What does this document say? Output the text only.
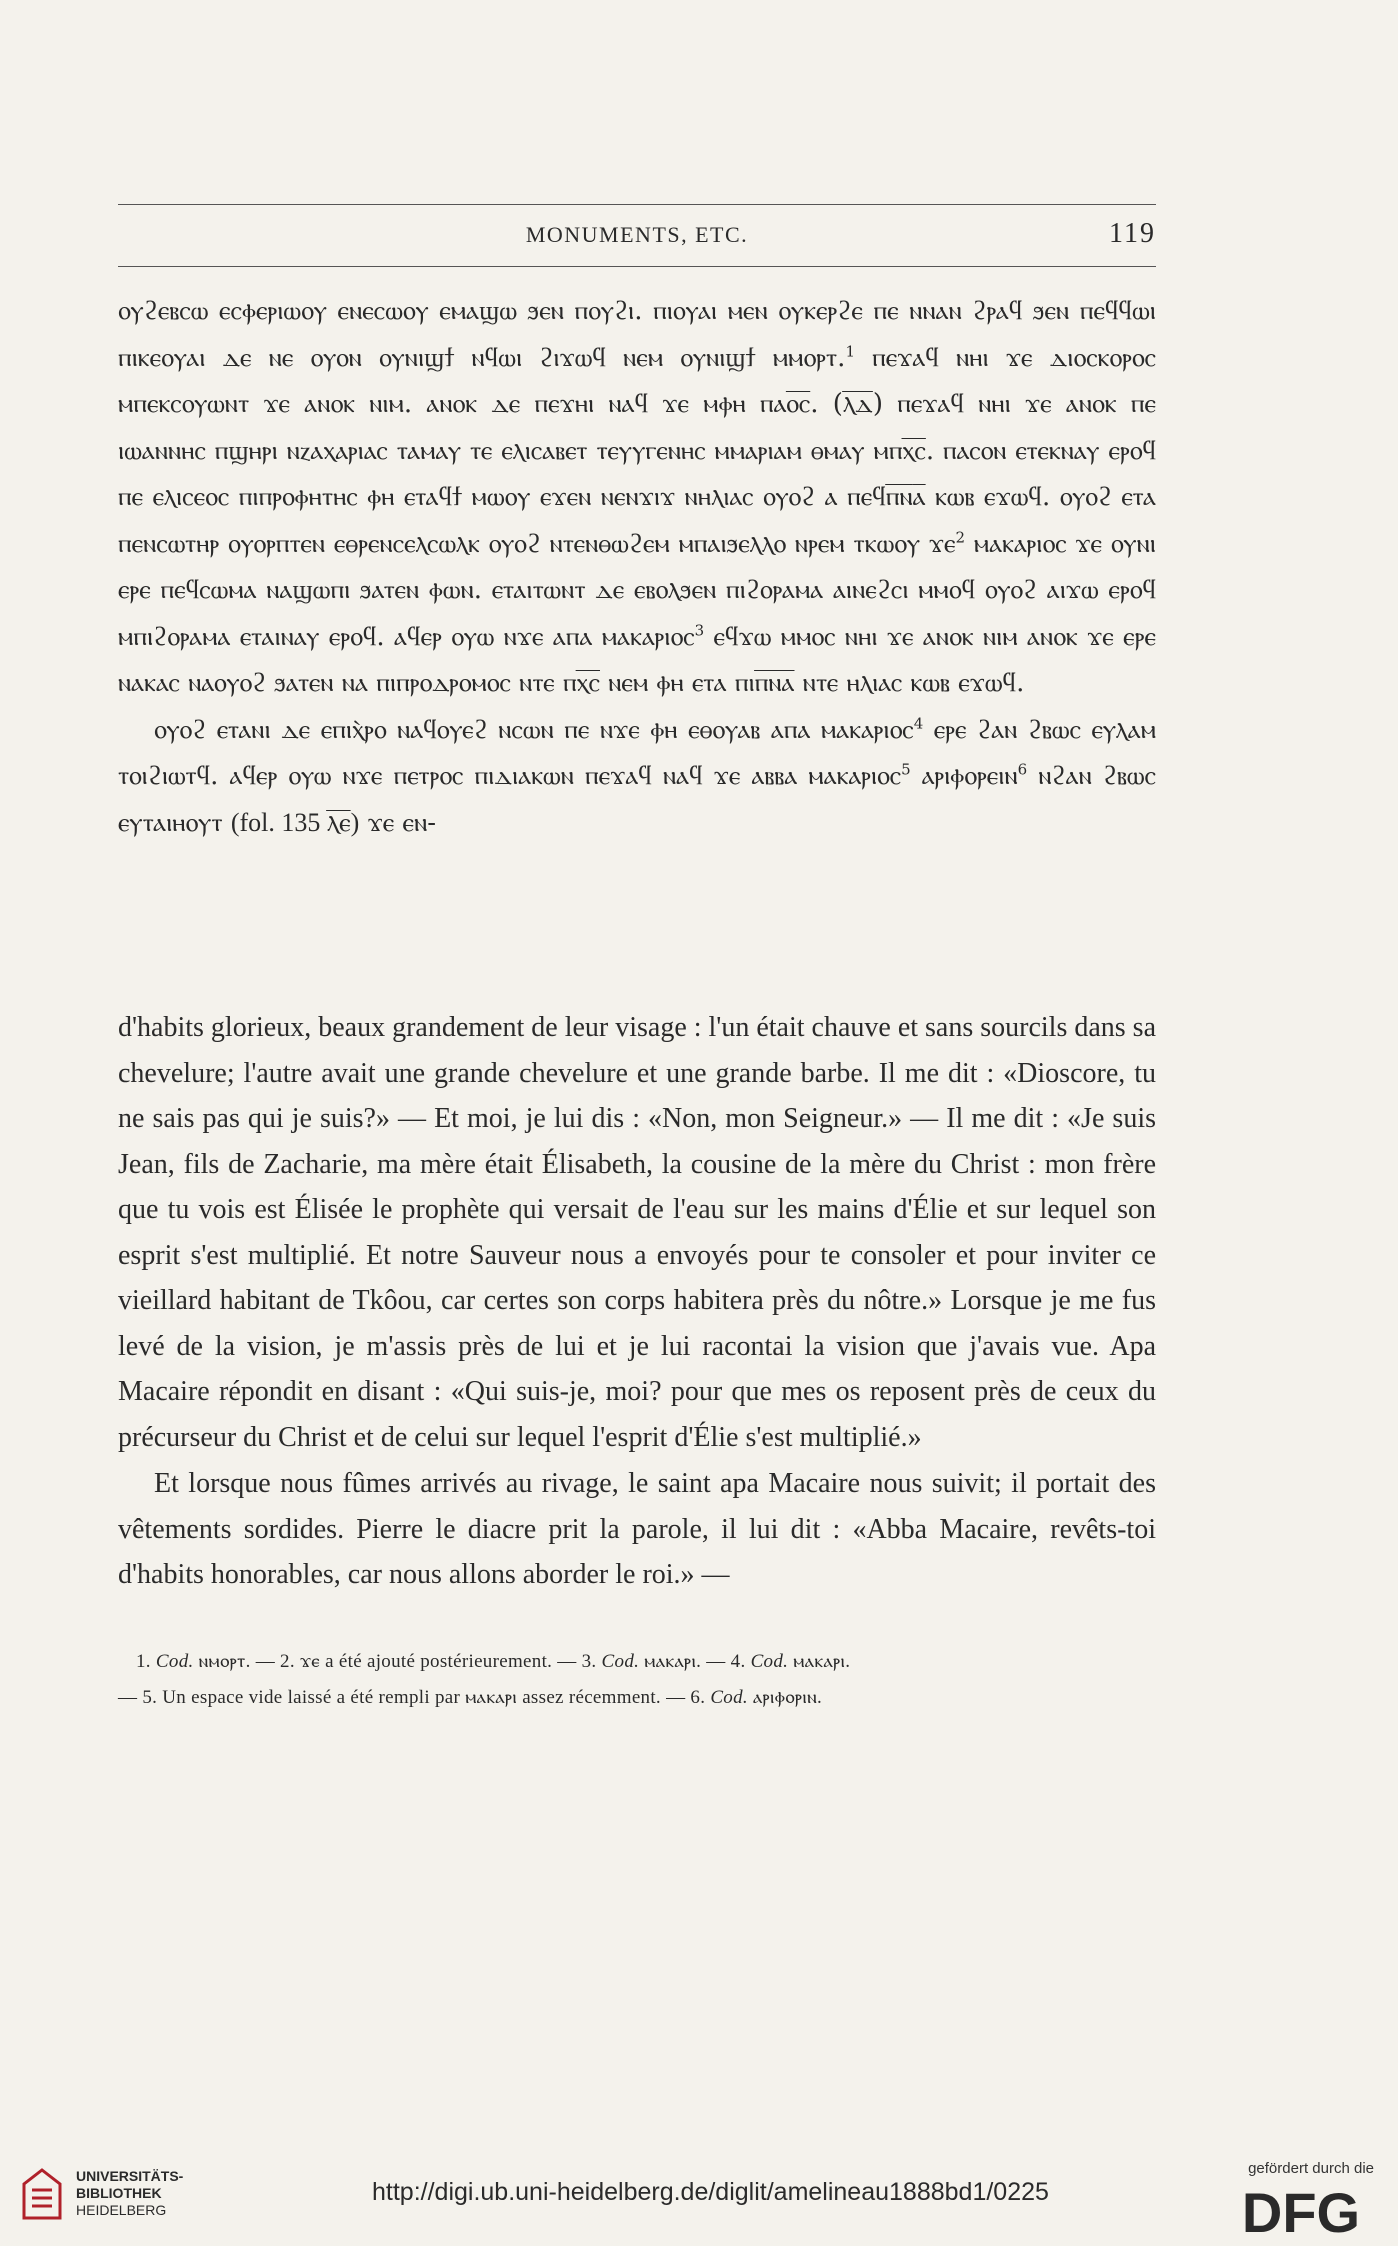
MONUMENTS, ETC.	119

ⲟⲩϩⲉⲃⲥⲱ ⲉⲥⲫⲉⲣⲓⲱⲟⲩ ⲉⲛⲉⲥⲱⲟⲩ ⲉⲙⲁϣⲱ ϧⲉⲛ ⲡⲟⲩϩⲓ. ⲡⲓⲟⲩⲁⲓ ⲙⲉⲛ ⲟⲩⲕⲉⲣϩⲉ ⲡⲉ ⲛⲛⲁⲛ ϩⲣⲁϥ ϧⲉⲛ ⲡⲉϥϥⲱⲓ ⲡⲓⲕⲉⲟⲩⲁⲓ ⲇⲉ ⲛⲉ ⲟⲩⲟⲛ ⲟⲩⲛⲓϣϯ ⲛϥⲱⲓ ϩⲓϫⲱϥ ⲛⲉⲙ ⲟⲩⲛⲓϣϯ ⲙⲙⲟⲣⲧ.$^1$ ⲡⲉϫⲁϥ ⲛⲏⲓ ϫⲉ ⲇⲓⲟⲥⲕⲟⲣⲟⲥ ⲙⲡⲉⲕⲥⲟⲩⲱⲛⲧ ϫⲉ ⲁⲛⲟⲕ ⲛⲓⲙ. ⲁⲛⲟⲕ ⲇⲉ ⲡⲉϫⲏⲓ ⲛⲁϥ ϫⲉ ⲙⲫⲏ ⲡⲁⲟ̅ⲥ̅. (ⲗ̅ⲇ̅) ⲡⲉϫⲁϥ ⲛⲏⲓ ϫⲉ ⲁⲛⲟⲕ ⲡⲉ ⲓⲱⲁⲛⲛⲏⲥ ⲡϣⲏⲣⲓ ⲛⲍⲁⲭⲁⲣⲓⲁⲥ ⲧⲁⲙⲁⲩ ⲧⲉ ⲉⲗⲓⲥⲁⲃⲉⲧ ⲧⲉⲩⲩⲅⲉⲛⲏⲥ ⲙⲙⲁⲣⲓⲁⲙ ⲑⲙⲁⲩ ⲙⲡⲭ̅ⲥ̅. ⲡⲁⲥⲟⲛ ⲉⲧⲉⲕⲛⲁⲩ ⲉⲣⲟϥ ⲡⲉ ⲉⲗⲓⲥⲉⲟⲥ ⲡⲓⲡⲣⲟⲫⲏⲧⲏⲥ ⲫⲏ ⲉⲧⲁϥϯ ⲙⲱⲟⲩ ⲉϫⲉⲛ ⲛⲉⲛϫⲓϫ ⲛⲏⲗⲓⲁⲥ ⲟⲩⲟϩ ⲁ ⲡⲉϥⲡ̅ⲛ̅ⲁ̅ ⲕⲱⲃ ⲉϫⲱϥ. ⲟⲩⲟϩ ⲉⲧⲁ ⲡⲉⲛⲥⲱⲧⲏⲣ ⲟⲩⲟⲣⲡⲧⲉⲛ ⲉⲑⲣⲉⲛⲥⲉⲗⲥⲱⲗⲕ ⲟⲩⲟϩ ⲛⲧⲉⲛⲑⲱϩⲉⲙ ⲙⲡⲁⲓϧⲉⲗⲗⲟ ⲛⲣⲉⲙ ⲧⲕⲱⲟⲩ ϫⲉ$^2$ ⲙⲁⲕⲁⲣⲓⲟⲥ ϫⲉ ⲟⲩⲛⲓ ⲉⲣⲉ ⲡⲉϥⲥⲱⲙⲁ ⲛⲁϣⲱⲡⲓ ϧⲁⲧⲉⲛ ⲫⲱⲛ. ⲉⲧⲁⲓⲧⲱⲛⲧ ⲇⲉ ⲉⲃⲟⲗϧⲉⲛ ⲡⲓϩⲟⲣⲁⲙⲁ ⲁⲓⲛⲉϩⲥⲓ ⲙⲙⲟϥ ⲟⲩⲟϩ ⲁⲓϫⲱ ⲉⲣⲟϥ ⲙⲡⲓϩⲟⲣⲁⲙⲁ ⲉⲧⲁⲓⲛⲁⲩ ⲉⲣⲟϥ. ⲁϥⲉⲣ ⲟⲩⲱ ⲛϫⲉ ⲁⲡⲁ ⲙⲁⲕⲁⲣⲓⲟⲥ$^3$ ⲉϥϫⲱ ⲙⲙⲟⲥ ⲛⲏⲓ ϫⲉ ⲁⲛⲟⲕ ⲛⲓⲙ ⲁⲛⲟⲕ ϫⲉ ⲉⲣⲉ ⲛⲁⲕⲁⲥ ⲛⲁⲟⲩⲟϩ ϧⲁⲧⲉⲛ ⲛⲁ ⲡⲓⲡⲣⲟⲇⲣⲟⲙⲟⲥ ⲛⲧⲉ ⲡⲭ̅ⲥ̅ ⲛⲉⲙ ⲫⲏ ⲉⲧⲁ ⲡⲓⲡ̅ⲛ̅ⲁ̅ ⲛⲧⲉ ⲏⲗⲓⲁⲥ ⲕⲱⲃ ⲉϫⲱϥ.

ⲟⲩⲟϩ ⲉⲧⲁⲛⲓ ⲇⲉ ⲉⲡⲓⲭ̀ⲣⲟ ⲛⲁϥⲟⲩⲉϩ ⲛⲥⲱⲛ ⲡⲉ ⲛϫⲉ ⲫⲏ ⲉⲑⲟⲩⲁⲃ ⲁⲡⲁ ⲙⲁⲕⲁⲣⲓⲟⲥ$^4$ ⲉⲣⲉ ϩⲁⲛ ϩⲃⲱⲥ ⲉⲩⲗⲁⲙ ⲧⲟⲓϩⲓⲱⲧϥ. ⲁϥⲉⲣ ⲟⲩⲱ ⲛϫⲉ ⲡⲉⲧⲣⲟⲥ ⲡⲓⲇⲓⲁⲕⲱⲛ ⲡⲉϫⲁϥ ⲛⲁϥ ϫⲉ ⲁⲃⲃⲁ ⲙⲁⲕⲁⲣⲓⲟⲥ$^5$ ⲁⲣⲓⲫⲟⲣⲉⲓⲛ$^6$ ⲛϩⲁⲛ ϩⲃⲱⲥ ⲉⲩⲧⲁⲓⲏⲟⲩⲧ (fol. 135 ⲗ̅ⲉ̅) ϫⲉ ⲉⲛ-

d'habits glorieux, beaux grandement de leur visage : l'un était chauve et sans sourcils dans sa chevelure; l'autre avait une grande chevelure et une grande barbe. Il me dit : «Dioscore, tu ne sais pas qui je suis?» — Et moi, je lui dis : «Non, mon Seigneur.» — Il me dit : «Je suis Jean, fils de Zacharie, ma mère était Élisabeth, la cousine de la mère du Christ : mon frère que tu vois est Élisée le prophète qui versait de l'eau sur les mains d'Élie et sur lequel son esprit s'est multiplié. Et notre Sauveur nous a envoyés pour te consoler et pour inviter ce vieillard habitant de Tkôou, car certes son corps habitera près du nôtre.» Lorsque je me fus levé de la vision, je m'assis près de lui et je lui racontai la vision que j'avais vue. Apa Macaire répondit en disant : «Qui suis-je, moi? pour que mes os reposent près de ceux du précurseur du Christ et de celui sur lequel l'esprit d'Élie s'est multiplié.»

Et lorsque nous fûmes arrivés au rivage, le saint apa Macaire nous suivit; il portait des vêtements sordides. Pierre le diacre prit la parole, il lui dit : «Abba Macaire, revêts-toi d'habits honorables, car nous allons aborder le roi.» —

1. Cod. ⲛⲙⲟⲣⲧ. — 2. ϫⲉ a été ajouté postérieurement. — 3. Cod. ⲙⲁⲕⲁⲣⲓ. — 4. Cod. ⲙⲁⲕⲁⲣⲓ.

— 5. Un espace vide laissé a été rempli par ⲙⲁⲕⲁⲣⲓ assez récemment. — 6. Cod. ⲁⲣⲓⲫⲟⲣⲓⲛ.

UNIVERSITÄTS-
BIBLIOTHEK
HEIDELBERG
http://digi.ub.uni-heidelberg.de/diglit/amelineau1888bd1/0225
gefördert durch die
DFG
